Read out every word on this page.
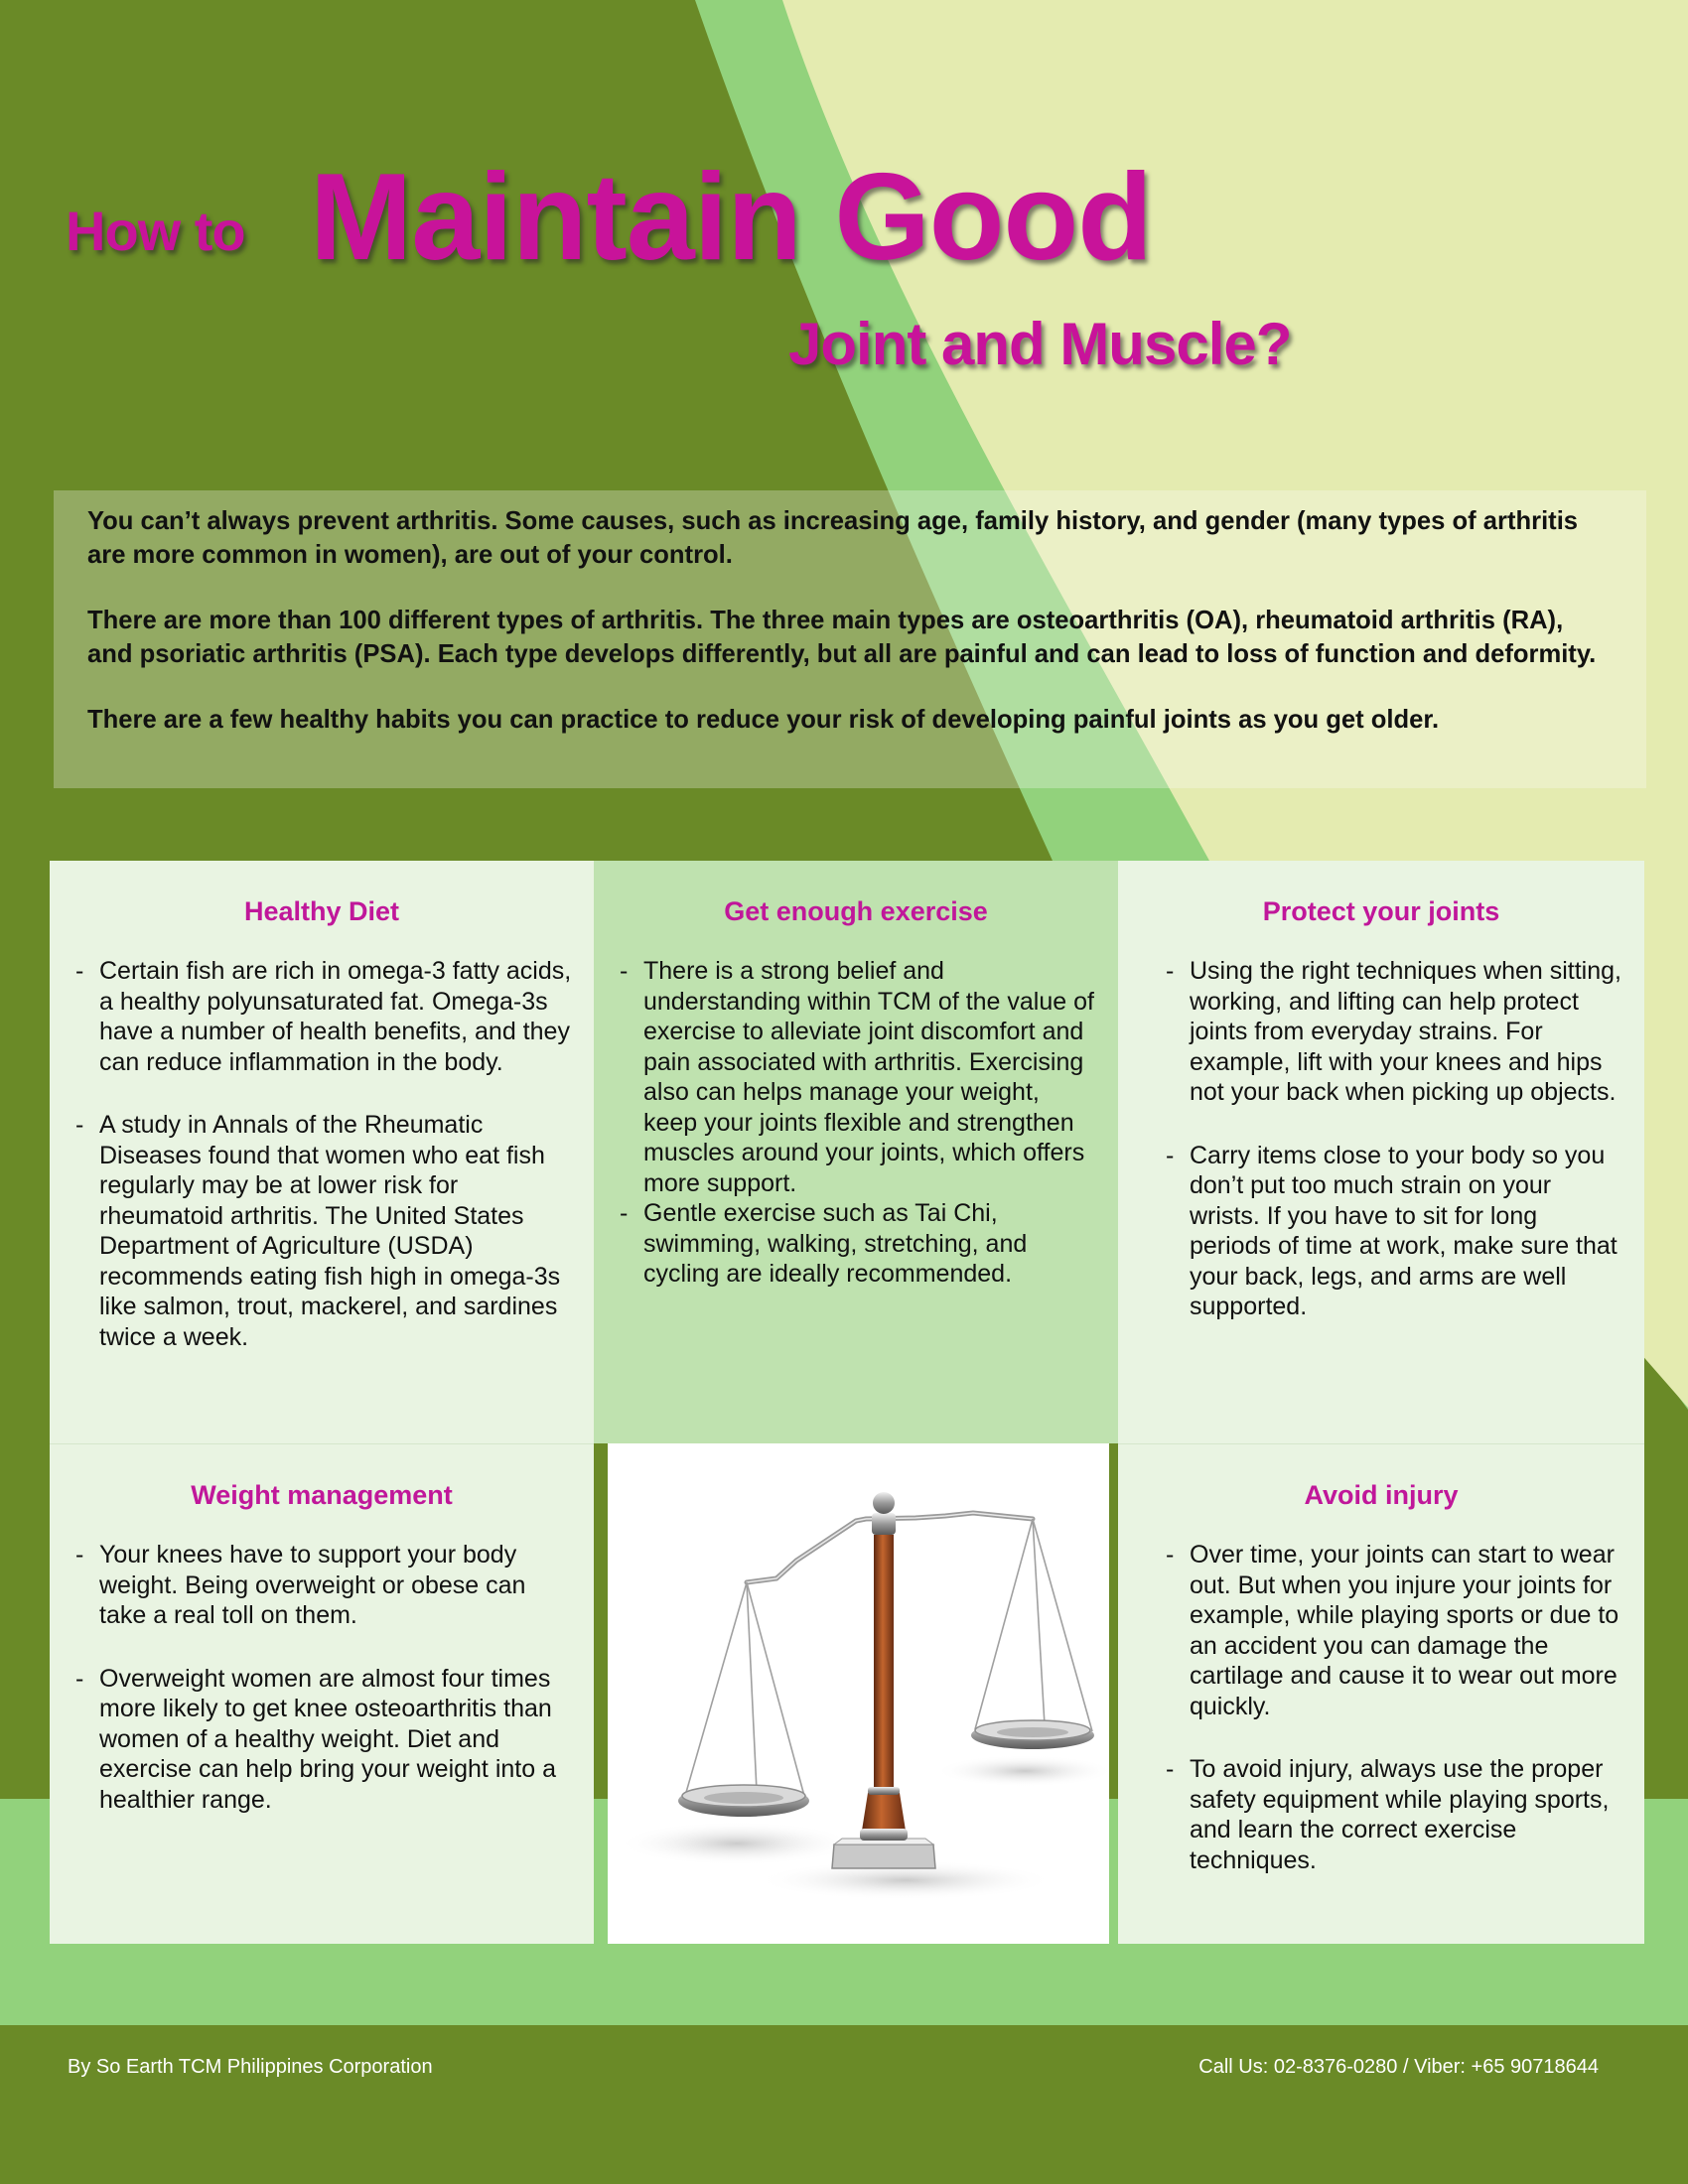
How to Maintain Good
Joint and Muscle?

You can’t always prevent arthritis. Some causes, such as increasing age, family history, and gender (many types of arthritis are more common in women), are out of your control.

There are more than 100 different types of arthritis. The three main types are osteoarthritis (OA), rheumatoid arthritis (RA), and psoriatic arthritis (PSA). Each type develops differently, but all are painful and can lead to loss of function and deformity.

There are a few healthy habits you can practice to reduce your risk of developing painful joints as you get older.

Healthy Diet
- Certain fish are rich in omega-3 fatty acids, a healthy polyunsaturated fat. Omega-3s have a number of health benefits, and they can reduce inflammation in the body.
- A study in Annals of the Rheumatic Diseases found that women who eat fish regularly may be at lower risk for rheumatoid arthritis. The United States Department of Agriculture (USDA) recommends eating fish high in omega-3s like salmon, trout, mackerel, and sardines twice a week.
Get enough exercise
- There is a strong belief and understanding within TCM of the value of exercise to alleviate joint discomfort and pain associated with arthritis. Exercising also can helps manage your weight, keep your joints flexible and strengthen muscles around your joints, which offers more support.
- Gentle exercise such as Tai Chi, swimming, walking, stretching, and cycling are ideally recommended.
Protect your joints
- Using the right techniques when sitting, working, and lifting can help protect joints from everyday strains. For example, lift with your knees and hips not your back when picking up objects.
- Carry items close to your body so you don’t put too much strain on your wrists. If you have to sit for long periods of time at work, make sure that your back, legs, and arms are well supported.
Weight management
- Your knees have to support your body weight. Being overweight or obese can take a real toll on them.
- Overweight women are almost four times more likely to get knee osteoarthritis than women of a healthy weight. Diet and exercise can help bring your weight into a healthier range.
Avoid injury
- Over time, your joints can start to wear out. But when you injure your joints for example, while playing sports or due to an accident you can damage the cartilage and cause it to wear out more quickly.
- To avoid injury, always use the proper safety equipment while playing sports, and learn the correct exercise techniques.
By So Earth TCM Philippines Corporation	Call Us: 02-8376-0280 / Viber: +65 90718644
